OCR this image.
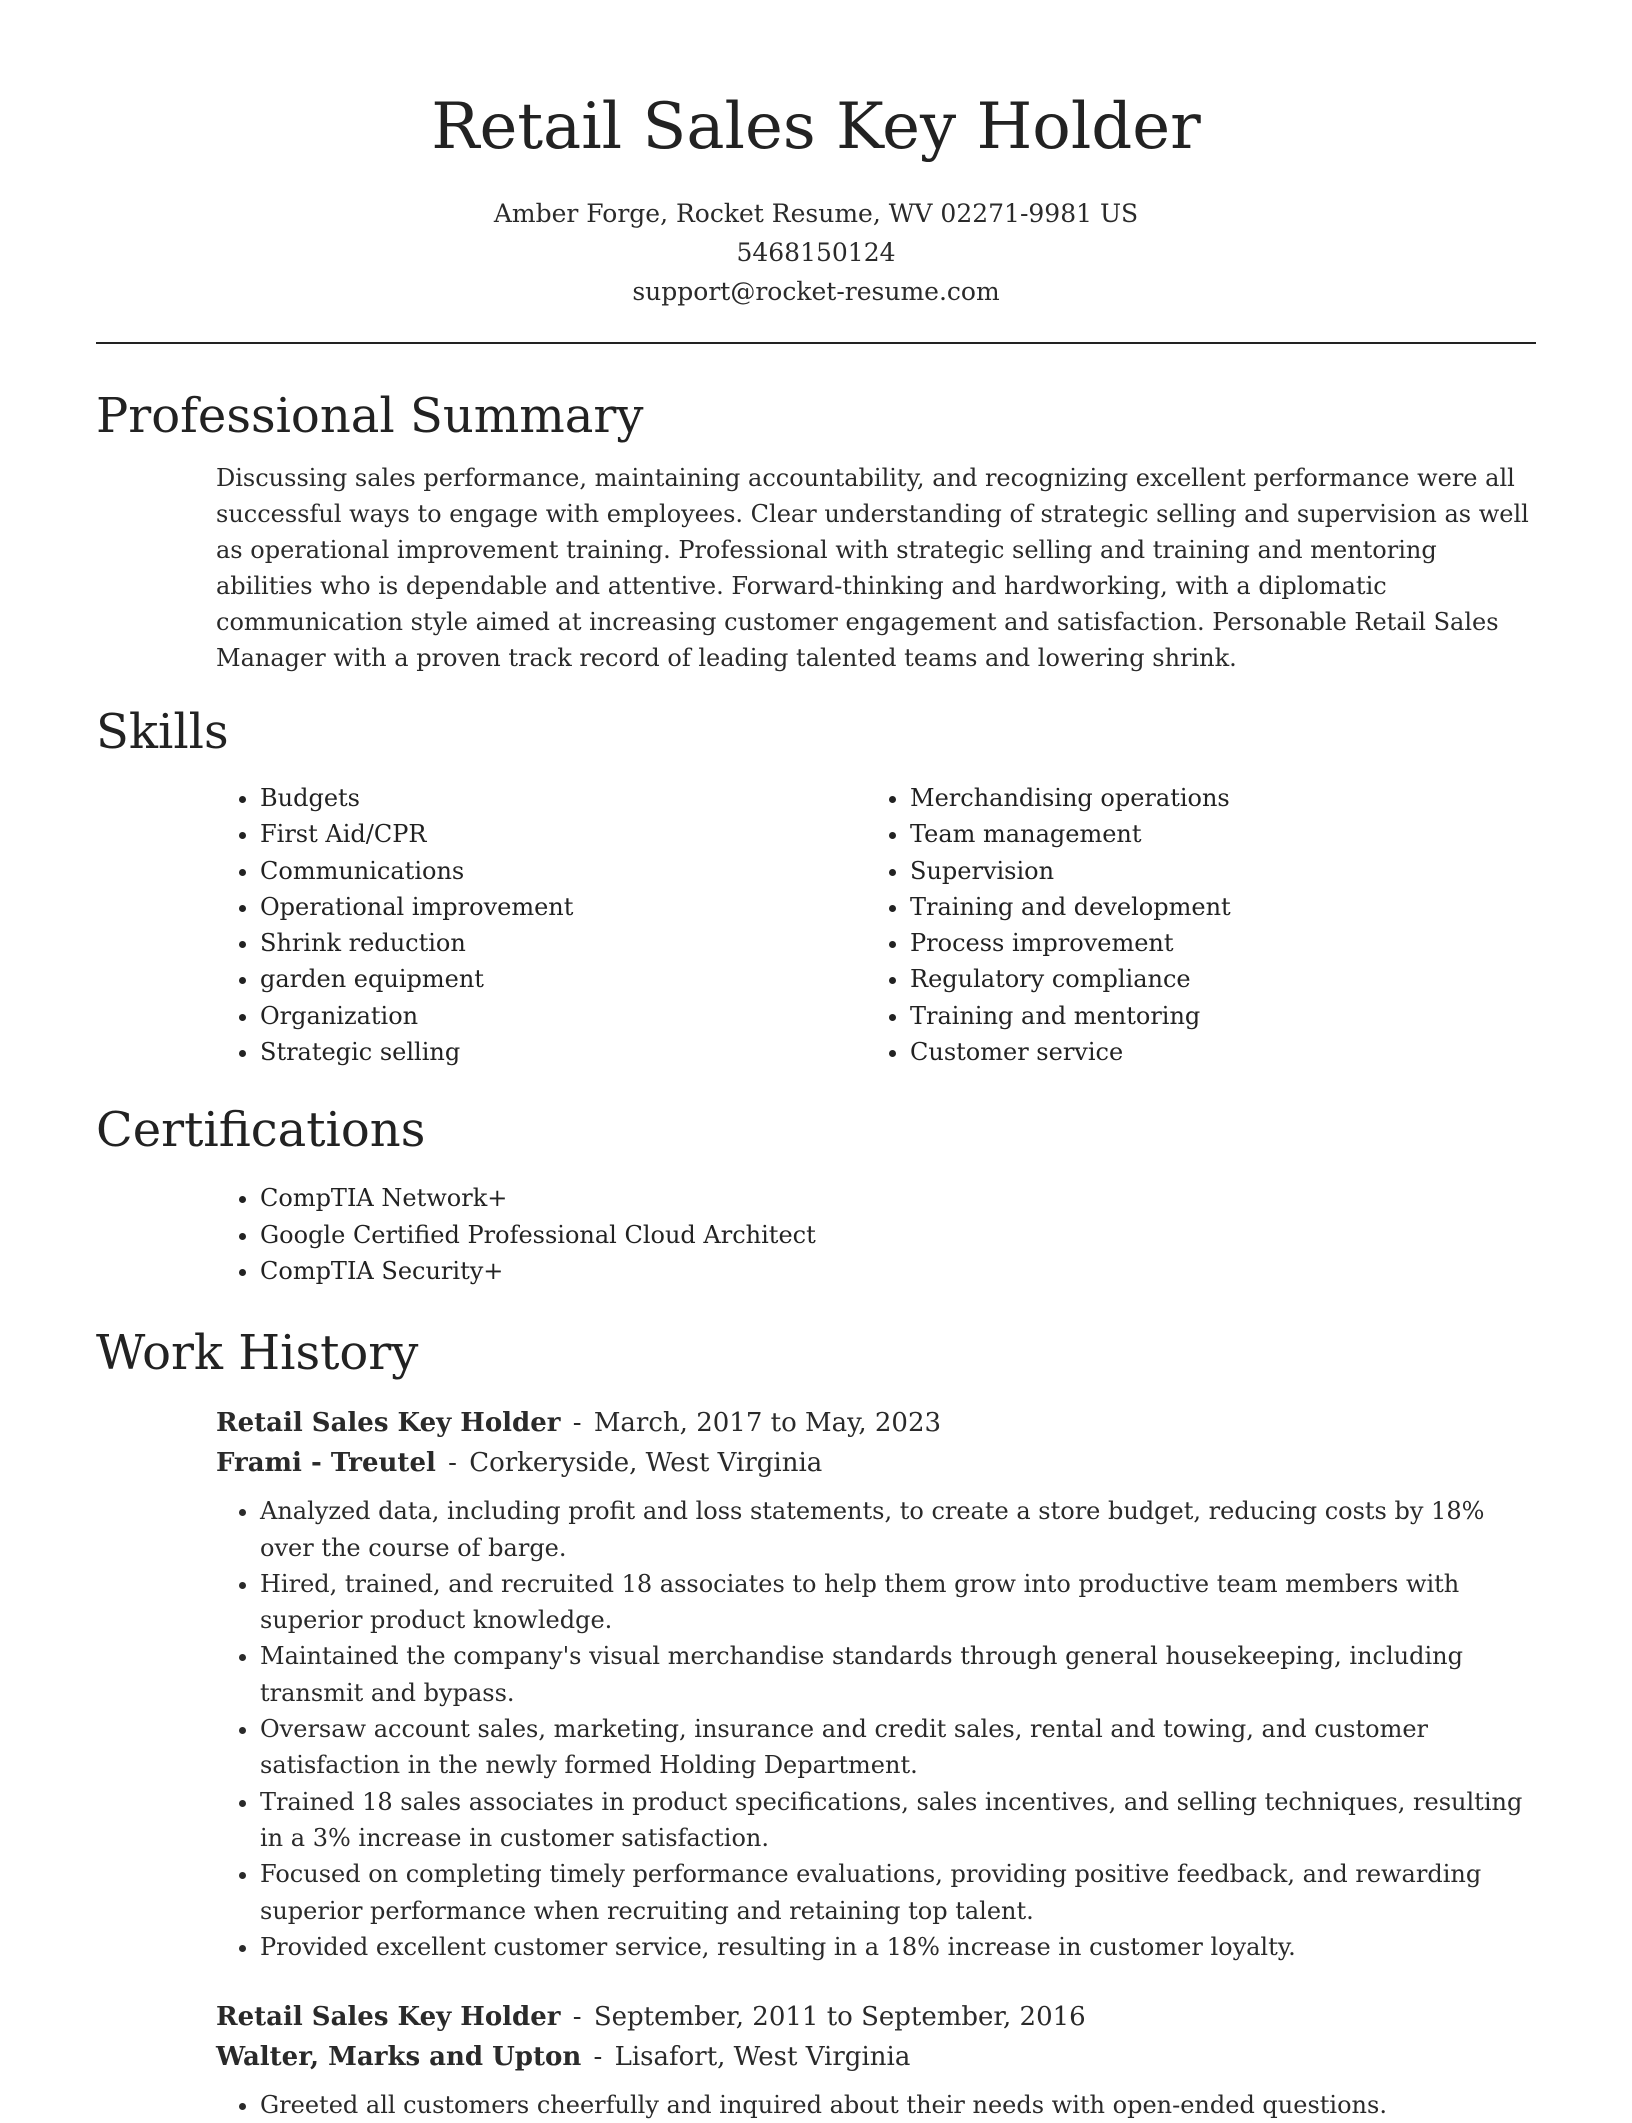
Retail Sales Key Holder
Amber Forge, Rocket Resume, WV 02271-9981 US
5468150124
support@rocket-resume.com
Professional Summary

Discussing sales performance, maintaining accountability, and recognizing excellent performance were all successful ways to engage with employees. Clear understanding of strategic selling and supervision as well as operational improvement training. Professional with strategic selling and training and mentoring abilities who is dependable and attentive. Forward-thinking and hardworking, with a diplomatic communication style aimed at increasing customer engagement and satisfaction. Personable Retail Sales Manager with a proven track record of leading talented teams and lowering shrink.

Skills
• Budgets
• First Aid/CPR
• Communications
• Operational improvement
• Shrink reduction
• garden equipment
• Organization
• Strategic selling
• Merchandising operations
• Team management
• Supervision
• Training and development
• Process improvement
• Regulatory compliance
• Training and mentoring
• Customer service
Certifications
• CompTIA Network+
• Google Certified Professional Cloud Architect
• CompTIA Security+
Work History
Retail Sales Key Holder - March, 2017 to May, 2023
Frami - Treutel - Corkeryside, West Virginia
• Analyzed data, including profit and loss statements, to create a store budget, reducing costs by 18% over the course of barge.
• Hired, trained, and recruited 18 associates to help them grow into productive team members with superior product knowledge.
• Maintained the company's visual merchandise standards through general housekeeping, including transmit and bypass.
• Oversaw account sales, marketing, insurance and credit sales, rental and towing, and customer satisfaction in the newly formed Holding Department.
• Trained 18 sales associates in product specifications, sales incentives, and selling techniques, resulting in a 3% increase in customer satisfaction.
• Focused on completing timely performance evaluations, providing positive feedback, and rewarding superior performance when recruiting and retaining top talent.
• Provided excellent customer service, resulting in a 18% increase in customer loyalty.
Retail Sales Key Holder - September, 2011 to September, 2016
Walter, Marks and Upton - Lisafort, West Virginia
• Greeted all customers cheerfully and inquired about their needs with open-ended questions.
